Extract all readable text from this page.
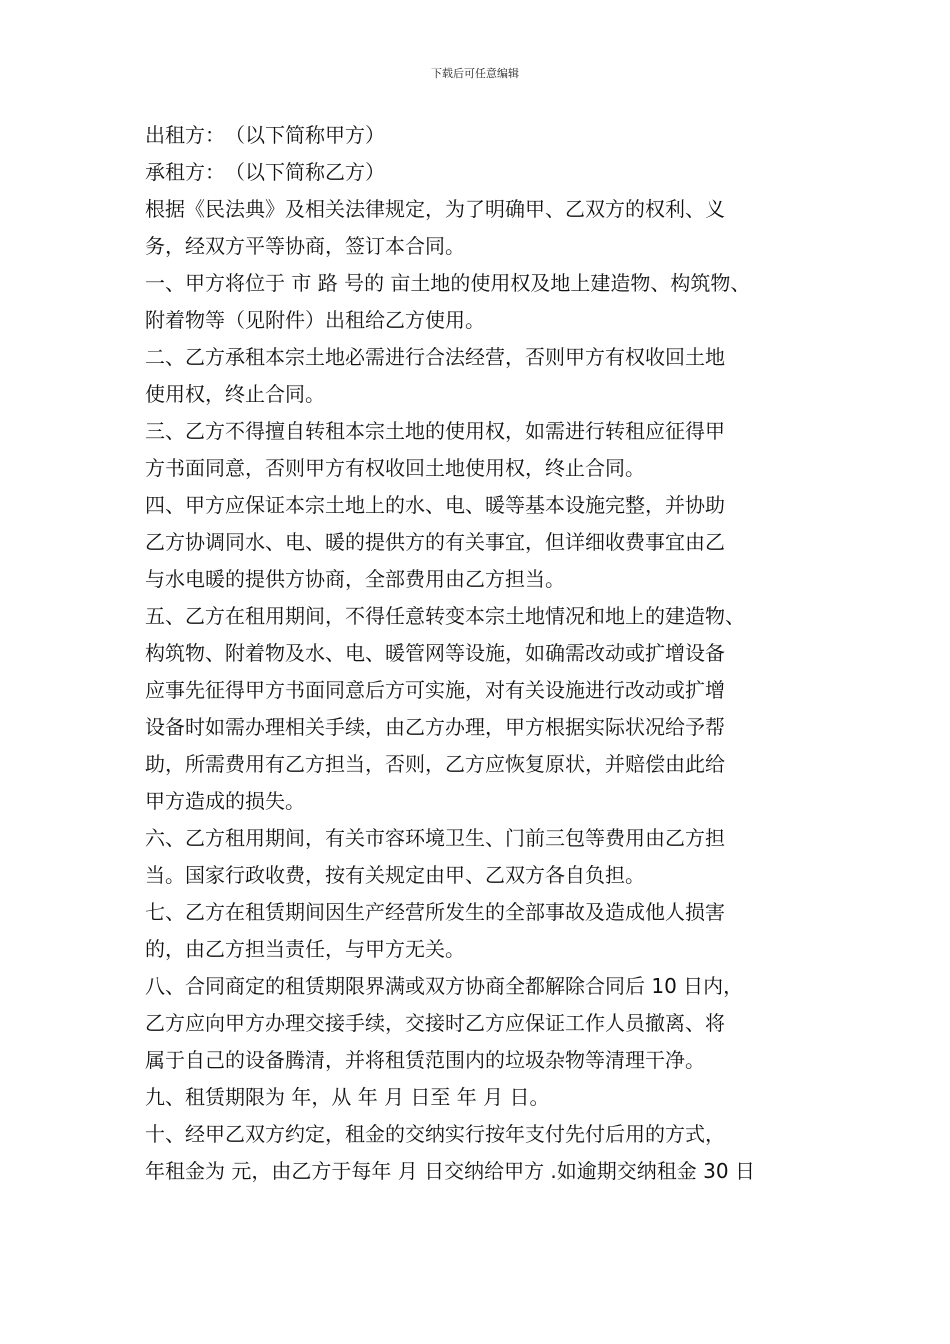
下载后可任意编辑
出租方：　（以下简称甲方）
承租方：　（以下简称乙方）
根据《民法典》及相关法律规定，为了明确甲、乙双方的权利、义
务，经双方平等协商，签订本合同。
一、甲方将位于 市 路 号的 亩土地的使用权及地上建造物、构筑物、
附着物等（见附件）出租给乙方使用。
二、乙方承租本宗土地必需进行合法经营，否则甲方有权收回土地
使用权，终止合同。
三、乙方不得擅自转租本宗土地的使用权，如需进行转租应征得甲
方书面同意，否则甲方有权收回土地使用权，终止合同。
四、甲方应保证本宗土地上的水、电、暖等基本设施完整，并协助
乙方协调同水、电、暖的提供方的有关事宜，但详细收费事宜由乙
与水电暖的提供方协商，全部费用由乙方担当。
五、乙方在租用期间，不得任意转变本宗土地情况和地上的建造物、
构筑物、附着物及水、电、暖管网等设施，如确需改动或扩增设备
应事先征得甲方书面同意后方可实施，对有关设施进行改动或扩增
设备时如需办理相关手续，由乙方办理，甲方根据实际状况给予帮
助，所需费用有乙方担当，否则，乙方应恢复原状，并赔偿由此给
甲方造成的损失。
六、乙方租用期间，有关市容环境卫生、门前三包等费用由乙方担
当。国家行政收费，按有关规定由甲、乙双方各自负担。
七、乙方在租赁期间因生产经营所发生的全部事故及造成他人损害
的，由乙方担当责任，与甲方无关。
八、合同商定的租赁期限界满或双方协商全都解除合同后 10 日内，
乙方应向甲方办理交接手续，交接时乙方应保证工作人员撤离、将
属于自己的设备腾清，并将租赁范围内的垃圾杂物等清理干净。
九、租赁期限为 年，从 年 月 日至 年 月 日。
十、经甲乙双方约定，租金的交纳实行按年支付先付后用的方式，
年租金为 元，由乙方于每年 月 日交纳给甲方 .如逾期交纳租金 30 日
